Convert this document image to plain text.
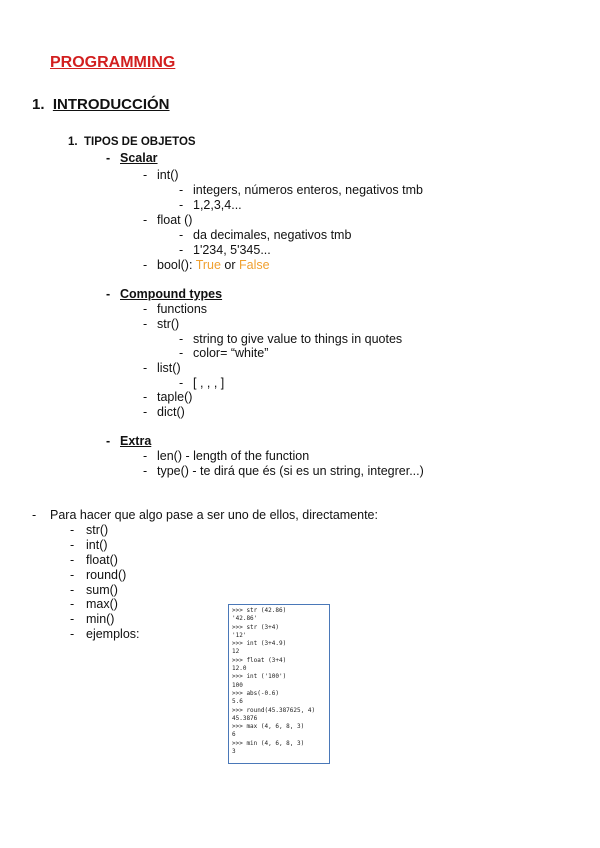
PROGRAMMING
1. INTRODUCCIÓN
1. TIPOS DE OBJETOS
- Scalar
- int()
- integers, números enteros, negativos tmb
- 1,2,3,4...
- float ()
- da decimales, negativos tmb
- 1'234, 5'345...
- bool(): True or False
- Compound types
- functions
- str()
- string to give value to things in quotes
- color= “white”
- list()
- [ , , , ]
- taple()
- dict()
- Extra
- len() - length of the function
- type() - te dirá que és (si es un string, integrer...)
- Para hacer que algo pase a ser uno de ellos, directamente:
- str()
- int()
- float()
- round()
- sum()
- max()
- min()
- ejemplos:
>>> str (42.86)
'42.86'
>>> str (3+4)
'12'
>>> int (3+4.9)
12
>>> float (3+4)
12.0
>>> int ('100')
100
>>> abs(-0.6)
5.6
>>> round(45.387625, 4)
45.3876
>>> max (4, 6, 8, 3)
6
>>> min (4, 6, 8, 3)
3
